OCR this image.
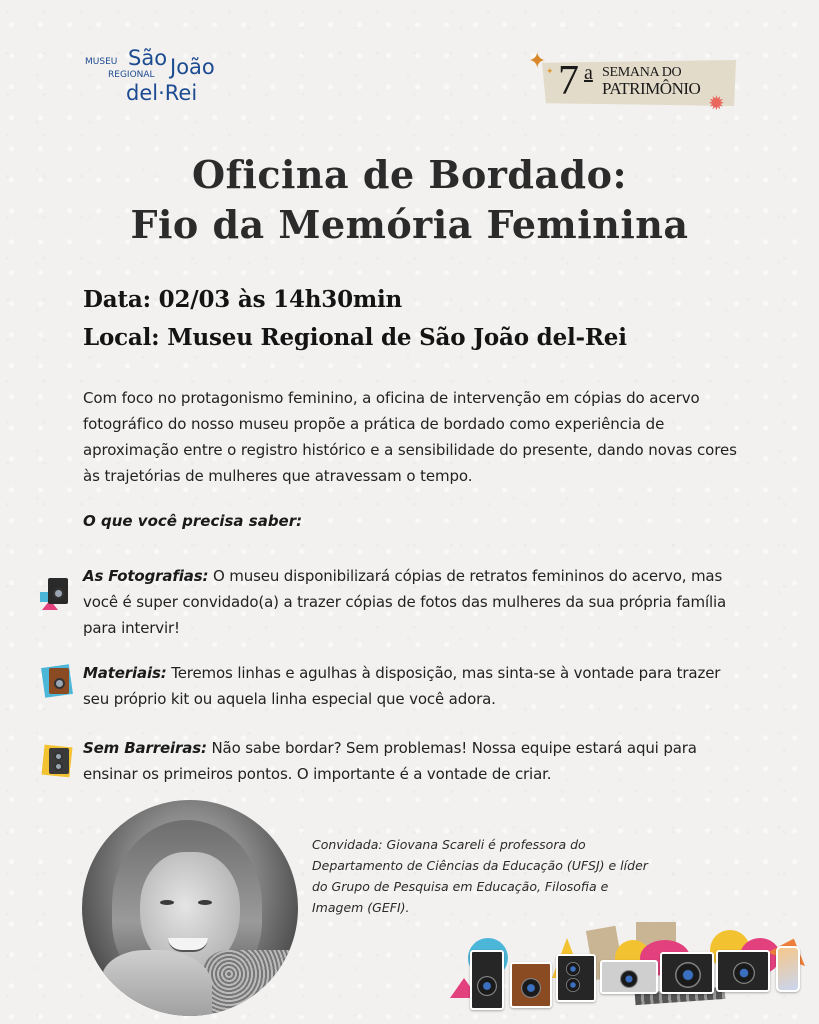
MUSEU São
REGIONAL João
del·Rei
✦ ✦ 7 a SEMANA DO
PATRIMÔNIO
✹
Oficina de Bordado:
Fio da Memória Feminina
Data: 02/03 às 14h30min
Local: Museu Regional de São João del-Rei
Com foco no protagonismo feminino, a oficina de intervenção em cópias do acervo fotográfico do nosso museu propõe a prática de bordado como experiência de aproximação entre o registro histórico e a sensibilidade do presente, dando novas cores às trajetórias de mulheres que atravessam o tempo.
O que você precisa saber:
As Fotografias: O museu disponibilizará cópias de retratos femininos do acervo, mas você é super convidado(a) a trazer cópias de fotos das mulheres da sua própria família para intervir!
Materiais: Teremos linhas e agulhas à disposição, mas sinta-se à vontade para trazer seu próprio kit ou aquela linha especial que você adora.
Sem Barreiras: Não sabe bordar? Sem problemas! Nossa equipe estará aqui para ensinar os primeiros pontos. O importante é a vontade de criar.
Convidada: Giovana Scareli é professora do Departamento de Ciências da Educação (UFSJ) e líder do Grupo de Pesquisa em Educação, Filosofia e Imagem (GEFI).
